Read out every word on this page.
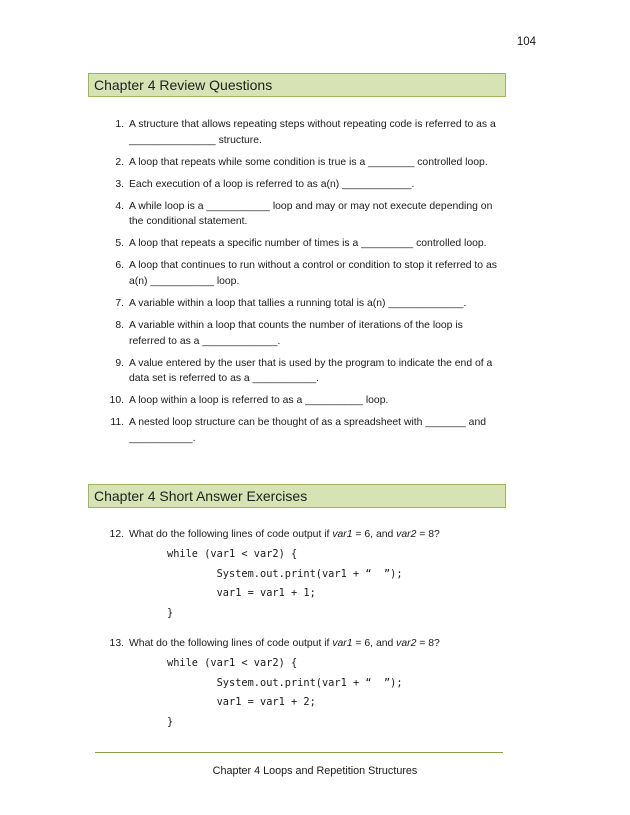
104
Chapter 4 Review Questions
1. A structure that allows repeating steps without repeating code is referred to as a _______________ structure.
2. A loop that repeats while some condition is true is a ________ controlled loop.
3. Each execution of a loop is referred to as a(n) ____________.
4. A while loop is a ___________ loop and may or may not execute depending on the conditional statement.
5. A loop that repeats a specific number of times is a _________ controlled loop.
6. A loop that continues to run without a control or condition to stop it referred to as a(n) ___________ loop.
7. A variable within a loop that tallies a running total is a(n) _____________.
8. A variable within a loop that counts the number of iterations of the loop is referred to as a _____________.
9. A value entered by the user that is used by the program to indicate the end of a data set is referred to as a ___________.
10. A loop within a loop is referred to as a __________ loop.
11. A nested loop structure can be thought of as a spreadsheet with _______ and ___________.
Chapter 4 Short Answer Exercises
12. What do the following lines of code output if var1 = 6, and var2 = 8?
while (var1 < var2) {
System.out.print(var1 + “  ”);
var1 = var1 + 1;
}
13. What do the following lines of code output if var1 = 6, and var2 = 8?
while (var1 < var2) {
System.out.print(var1 + “  ”);
var1 = var1 + 2;
}
Chapter 4 Loops and Repetition Structures
